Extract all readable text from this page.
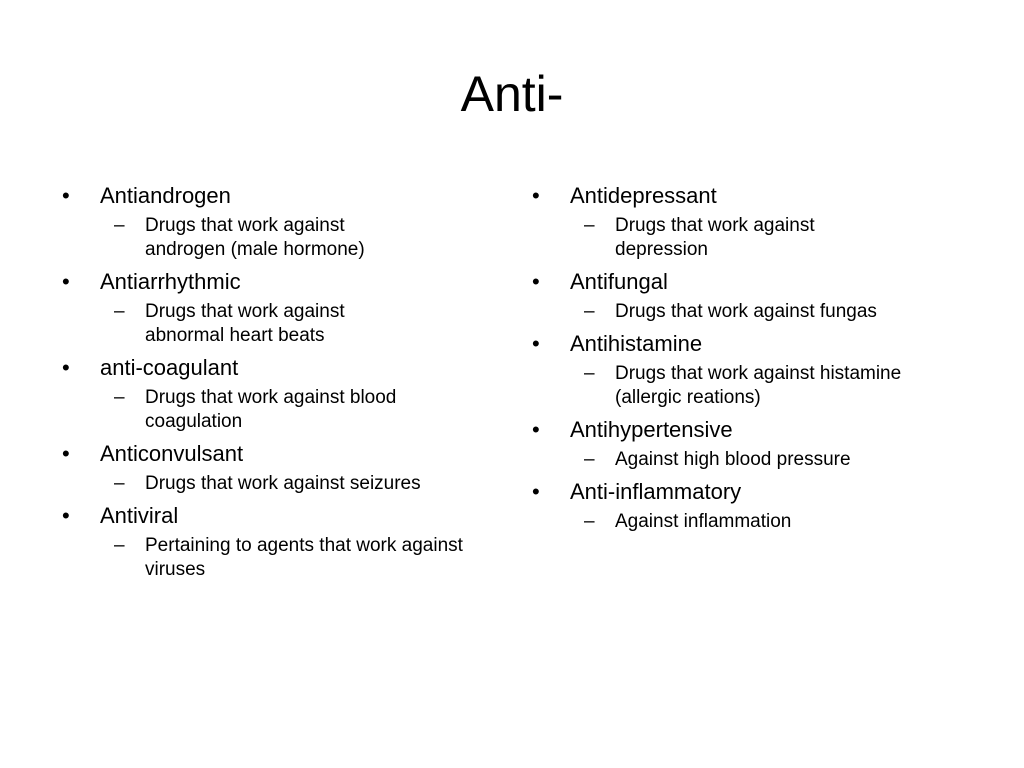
Anti-
• Antiandrogen
– Drugs that work against androgen (male hormone)
• Antiarrhythmic
– Drugs that work against abnormal heart beats
• anti-coagulant
– Drugs that work against blood coagulation
• Anticonvulsant
– Drugs that work against seizures
• Antiviral
– Pertaining to agents that work against viruses
• Antidepressant
– Drugs that work against depression
• Antifungal
– Drugs that work against fungas
• Antihistamine
– Drugs that work against histamine (allergic reations)
• Antihypertensive
– Against high blood pressure
• Anti-inflammatory
– Against inflammation
